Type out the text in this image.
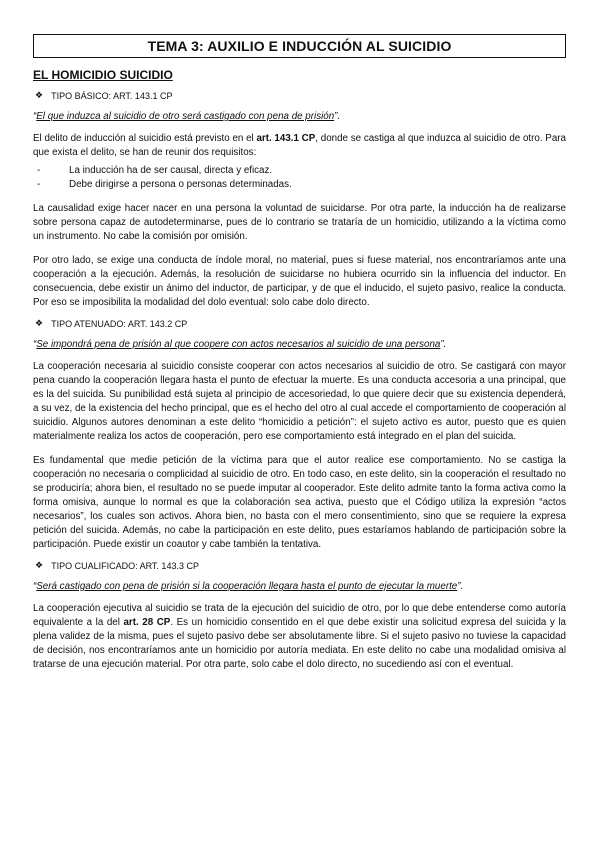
TEMA 3: AUXILIO E INDUCCIÓN AL SUICIDIO
EL HOMICIDIO SUICIDIO
❖ TIPO BÁSICO: ART. 143.1 CP
“El que induzca al suicidio de otro será castigado con pena de prisión”.

El delito de inducción al suicidio está previsto en el art. 143.1 CP, donde se castiga al que induzca al suicidio de otro. Para que exista el delito, se han de reunir dos requisitos:

-	La inducción ha de ser causal, directa y eficaz.
-	Debe dirigirse a persona o personas determinadas.

La causalidad exige hacer nacer en una persona la voluntad de suicidarse. Por otra parte, la inducción ha de realizarse sobre persona capaz de autodeterminarse, pues de lo contrario se trataría de un homicidio, utilizando a la víctima como un instrumento. No cabe la comisión por omisión.

Por otro lado, se exige una conducta de índole moral, no material, pues si fuese material, nos encontraríamos ante una cooperación a la ejecución. Además, la resolución de suicidarse no hubiera ocurrido sin la influencia del inductor. En consecuencia, debe existir un ánimo del inductor, de participar, y de que el inducido, el sujeto pasivo, realice la conducta. Por eso se imposibilita la modalidad del dolo eventual: solo cabe dolo directo.

❖ TIPO ATENUADO: ART. 143.2 CP
“Se impondrá pena de prisión al que coopere con actos necesarios al suicidio de una persona”.

La cooperación necesaria al suicidio consiste cooperar con actos necesarios al suicidio de otro. Se castigará con mayor pena cuando la cooperación llegara hasta el punto de efectuar la muerte. Es una conducta accesoria a una principal, que es la del suicida. Su punibilidad está sujeta al principio de accesoriedad, lo que quiere decir que su existencia dependerá, a su vez, de la existencia del hecho principal, que es el hecho del otro al cual accede el comportamiento de cooperación al suicidio. Algunos autores denominan a este delito “homicidio a petición”: el sujeto activo es autor, puesto que es quien materialmente realiza los actos de cooperación, pero ese comportamiento está integrado en el plan del suicida.

Es fundamental que medie petición de la víctima para que el autor realice ese comportamiento. No se castiga la cooperación no necesaria o complicidad al suicidio de otro. En todo caso, en este delito, sin la cooperación el resultado no se produciría; ahora bien, el resultado no se puede imputar al cooperador. Este delito admite tanto la forma activa como la forma omisiva, aunque lo normal es que la colaboración sea activa, puesto que el Código utiliza la expresión “actos necesarios”, los cuales son activos. Ahora bien, no basta con el mero consentimiento, sino que se requiere la expresa petición del suicida. Además, no cabe la participación en este delito, pues estaríamos hablando de participación sobre la participación. Puede existir un coautor y cabe también la tentativa.

❖ TIPO CUALIFICADO: ART. 143.3 CP
“Será castigado con pena de prisión si la cooperación llegara hasta el punto de ejecutar la muerte”.

La cooperación ejecutiva al suicidio se trata de la ejecución del suicidio de otro, por lo que debe entenderse como autoría equivalente a la del art. 28 CP. Es un homicidio consentido en el que debe existir una solicitud expresa del suicida y la plena validez de la misma, pues el sujeto pasivo debe ser absolutamente libre. Si el sujeto pasivo no tuviese la capacidad de decisión, nos encontraríamos ante un homicidio por autoría mediata. En este delito no cabe una modalidad omisiva al tratarse de una ejecución material. Por otra parte, solo cabe el dolo directo, no sucediendo así con el eventual.
